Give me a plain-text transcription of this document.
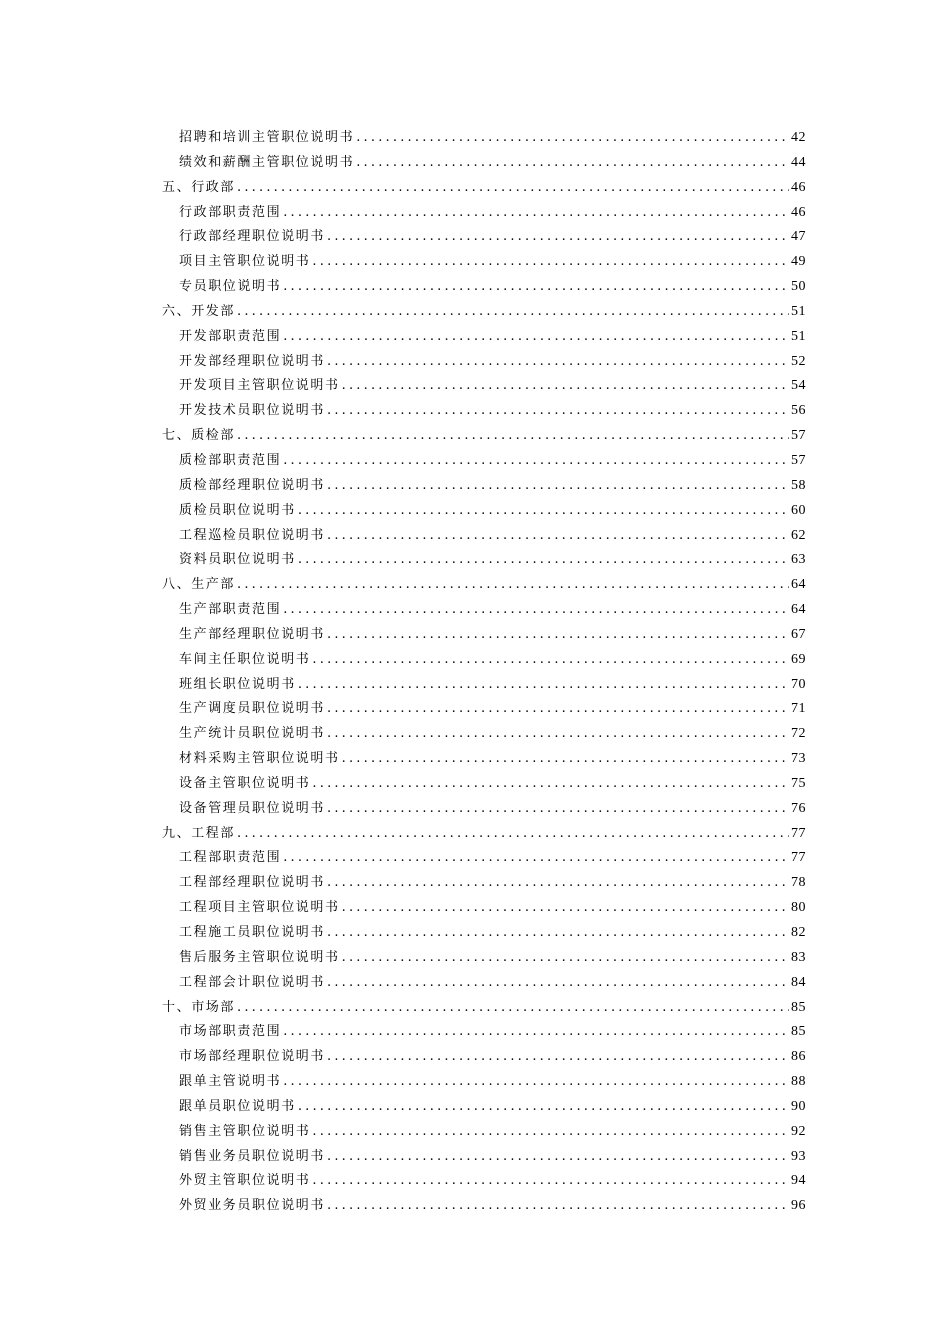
招聘和培训主管职位说明书 .....	42
绩效和薪酬主管职位说明书 .....	44
五、行政部 .....	46
行政部职责范围 .....	46
行政部经理职位说明书 .....	47
项目主管职位说明书 .....	49
专员职位说明书 .....	50
六、开发部 .....	51
开发部职责范围 .....	51
开发部经理职位说明书 .....	52
开发项目主管职位说明书 .....	54
开发技术员职位说明书 .....	56
七、质检部 .....	57
质检部职责范围 .....	57
质检部经理职位说明书 .....	58
质检员职位说明书 .....	60
工程巡检员职位说明书 .....	62
资料员职位说明书 .....	63
八、生产部 .....	64
生产部职责范围 .....	64
生产部经理职位说明书 .....	67
车间主任职位说明书 .....	69
班组长职位说明书 .....	70
生产调度员职位说明书 .....	71
生产统计员职位说明书 .....	72
材料采购主管职位说明书 .....	73
设备主管职位说明书 .....	75
设备管理员职位说明书 .....	76
九、工程部 .....	77
工程部职责范围 .....	77
工程部经理职位说明书 .....	78
工程项目主管职位说明书 .....	80
工程施工员职位说明书 .....	82
售后服务主管职位说明书 .....	83
工程部会计职位说明书 .....	84
十、市场部 .....	85
市场部职责范围 .....	85
市场部经理职位说明书 .....	86
跟单主管说明书 .....	88
跟单员职位说明书 .....	90
销售主管职位说明书 .....	92
销售业务员职位说明书 .....	93
外贸主管职位说明书 .....	94
外贸业务员职位说明书 .....	96
